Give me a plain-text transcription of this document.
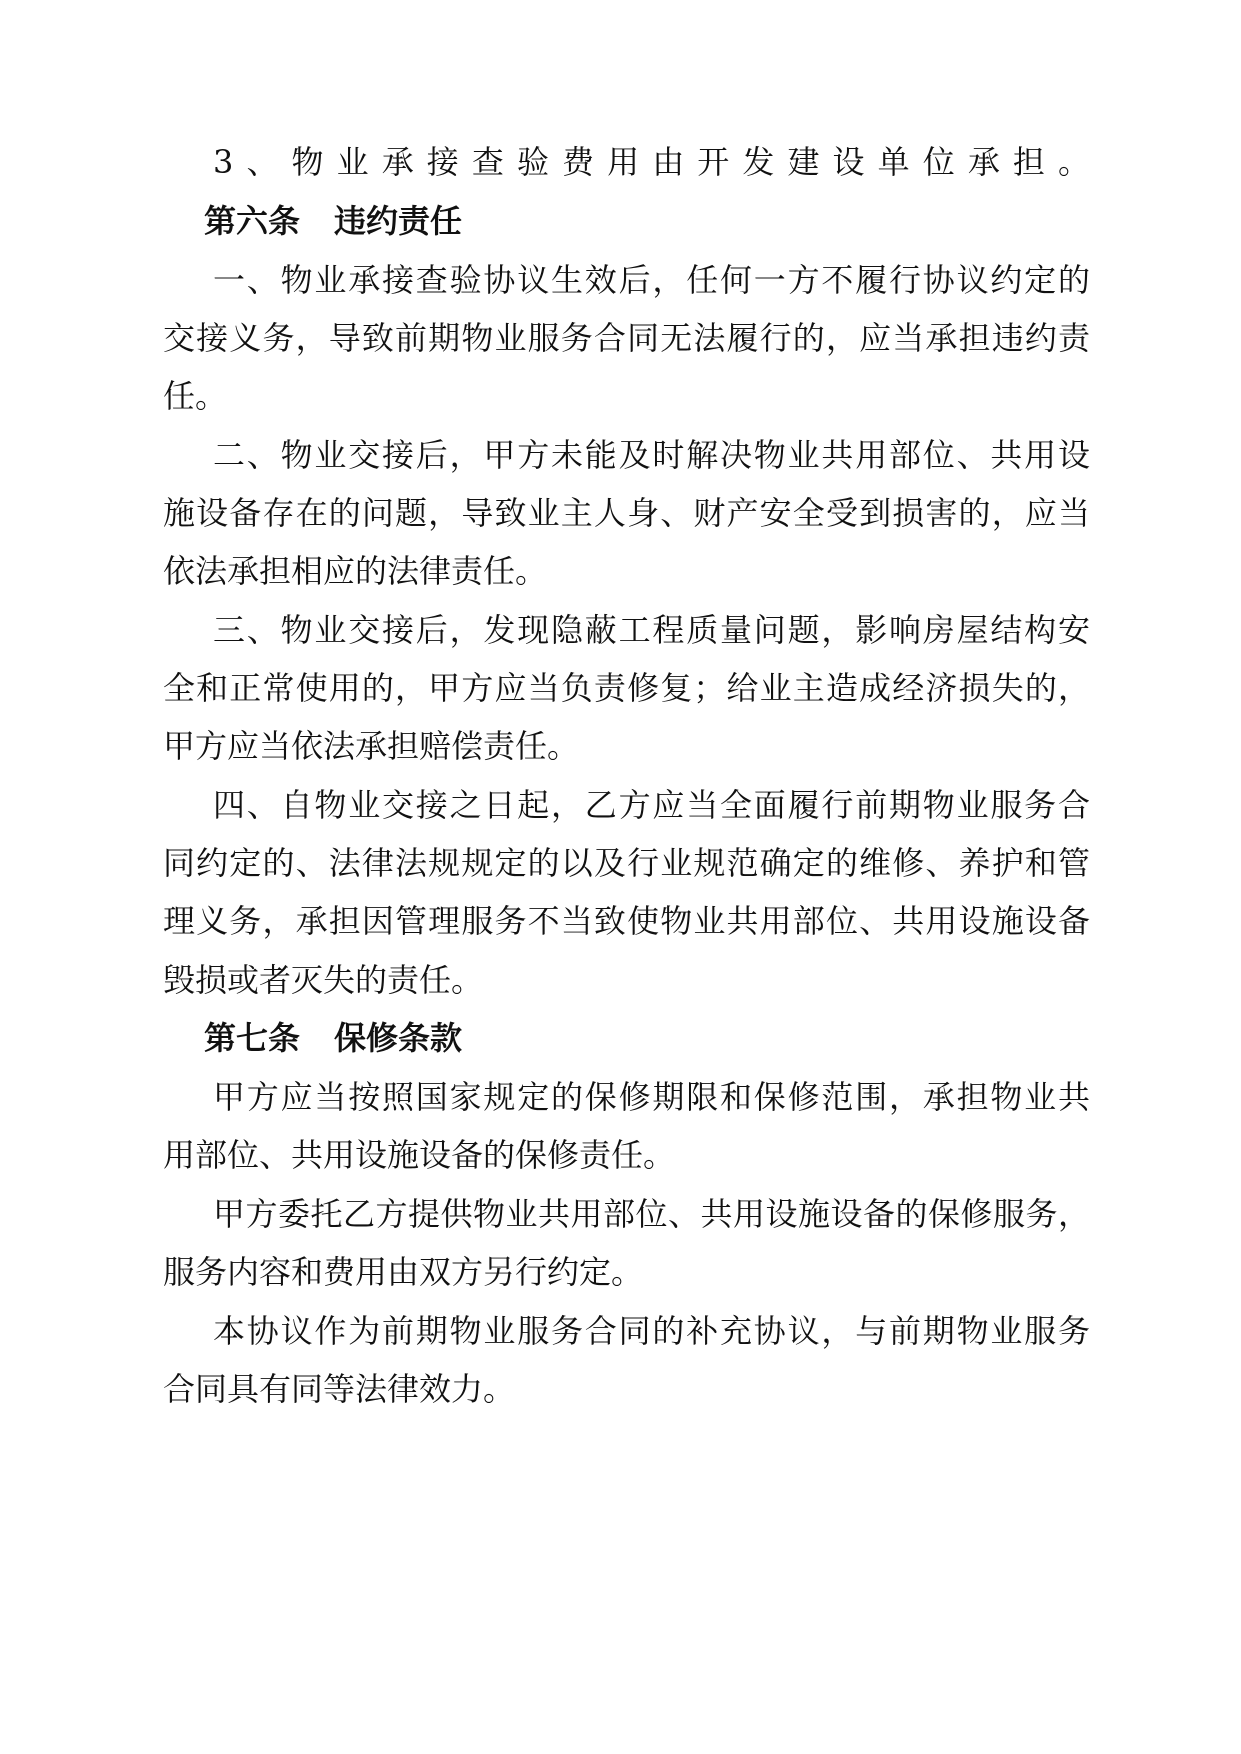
3、物业承接查验费用由开发建设单位承担。
第六条 违约责任
一、物业承接查验协议生效后，任何一方不履行协议约定的
交接义务，导致前期物业服务合同无法履行的，应当承担违约责
任。
二、物业交接后，甲方未能及时解决物业共用部位、共用设
施设备存在的问题，导致业主人身、财产安全受到损害的，应当
依法承担相应的法律责任。
三、物业交接后，发现隐蔽工程质量问题，影响房屋结构安
全和正常使用的，甲方应当负责修复；给业主造成经济损失的，
甲方应当依法承担赔偿责任。
四、自物业交接之日起，乙方应当全面履行前期物业服务合
同约定的、法律法规规定的以及行业规范确定的维修、养护和管
理义务，承担因管理服务不当致使物业共用部位、共用设施设备
毁损或者灭失的责任。
第七条 保修条款
甲方应当按照国家规定的保修期限和保修范围，承担物业共
用部位、共用设施设备的保修责任。
甲方委托乙方提供物业共用部位、共用设施设备的保修服务，
服务内容和费用由双方另行约定。
本协议作为前期物业服务合同的补充协议，与前期物业服务
合同具有同等法律效力。
